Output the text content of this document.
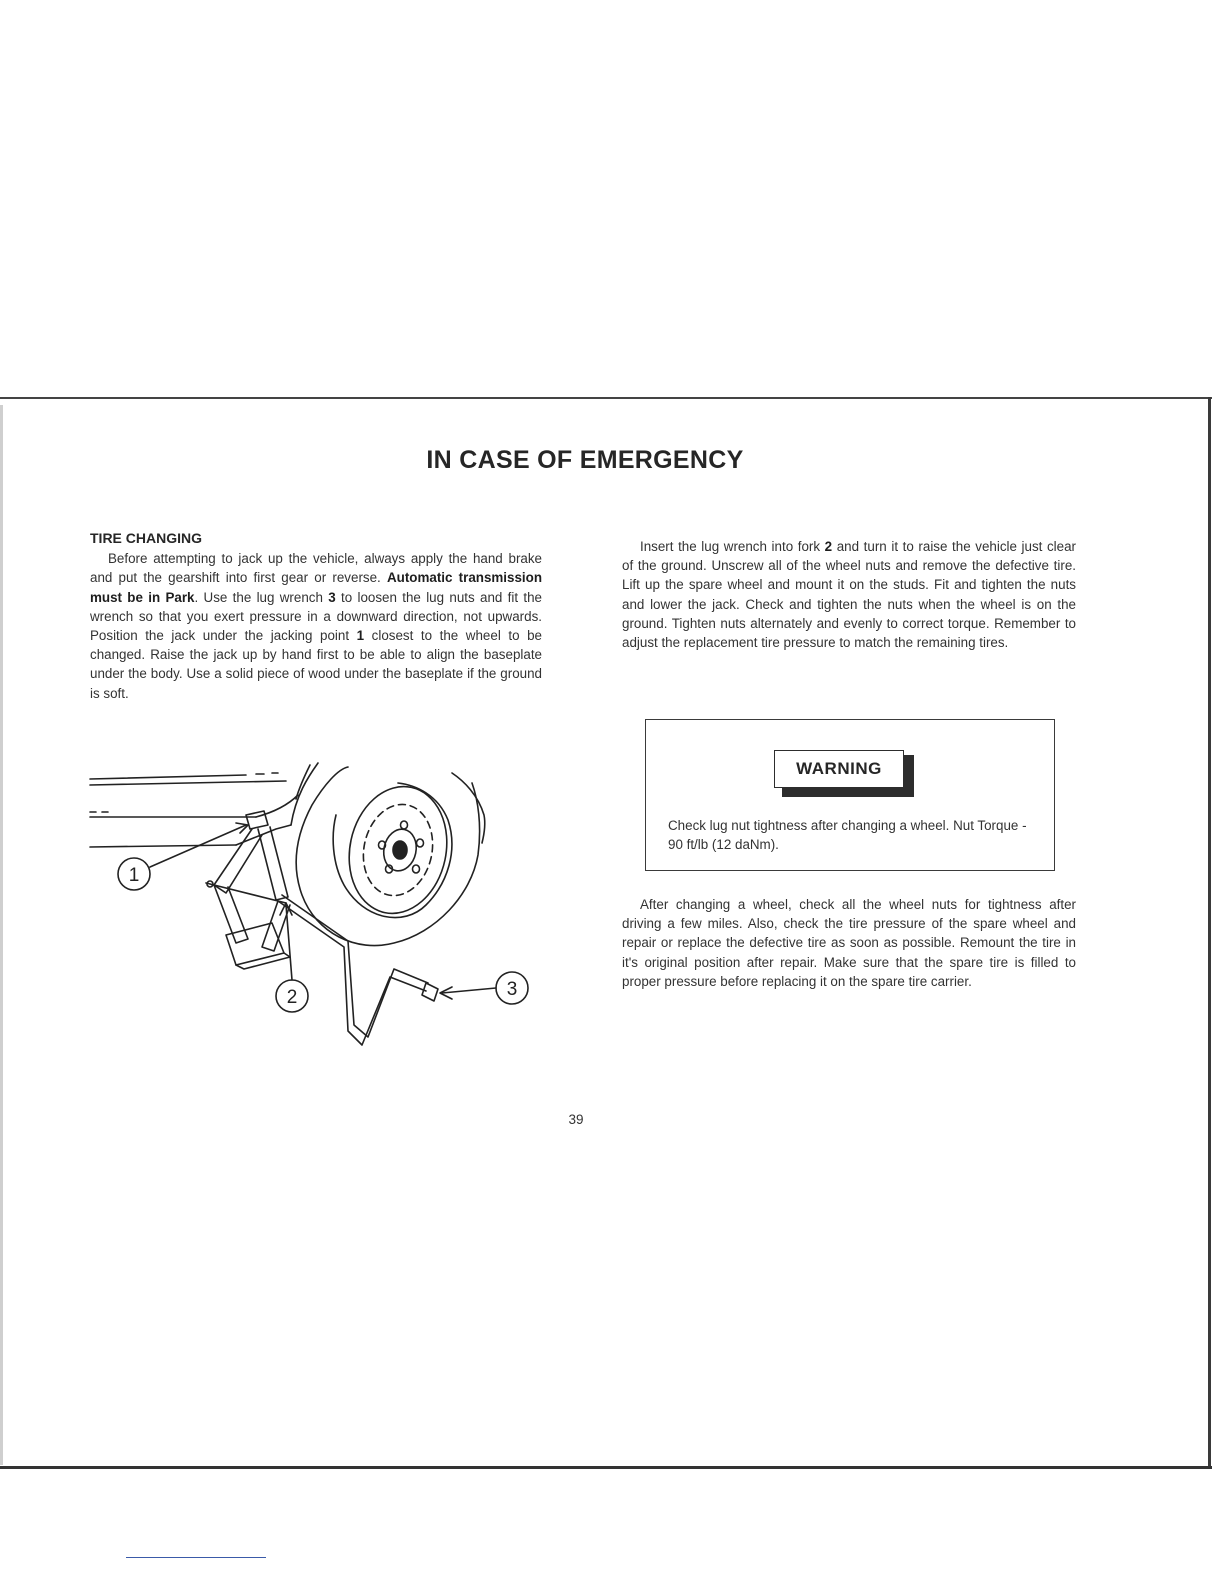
IN CASE OF EMERGENCY
TIRE CHANGING
Before attempting to jack up the vehicle, always apply the hand brake and put the gearshift into first gear or reverse. Automatic transmission must be in Park. Use the lug wrench 3 to loosen the lug nuts and fit the wrench so that you exert pressure in a downward direction, not upwards. Position the jack under the jacking point 1 closest to the wheel to be changed. Raise the jack up by hand first to be able to align the baseplate under the body. Use a solid piece of wood under the baseplate if the ground is soft.
Insert the lug wrench into fork 2 and turn it to raise the vehicle just clear of the ground. Unscrew all of the wheel nuts and remove the defective tire. Lift up the spare wheel and mount it on the studs. Fit and tighten the nuts and lower the jack. Check and tighten the nuts when the wheel is on the ground. Tighten nuts alternately and evenly to correct torque. Remember to adjust the replacement tire pressure to match the remaining tires.
WARNING
Check lug nut tightness after changing a wheel. Nut Torque - 90 ft/lb (12 daNm).
After changing a wheel, check all the wheel nuts for tightness after driving a few miles. Also, check the tire pressure of the spare wheel and repair or replace the defective tire as soon as possible. Remount the tire in it's original position after repair. Make sure that the spare tire is filled to proper pressure before replacing it on the spare tire carrier.
1
2	3
39
